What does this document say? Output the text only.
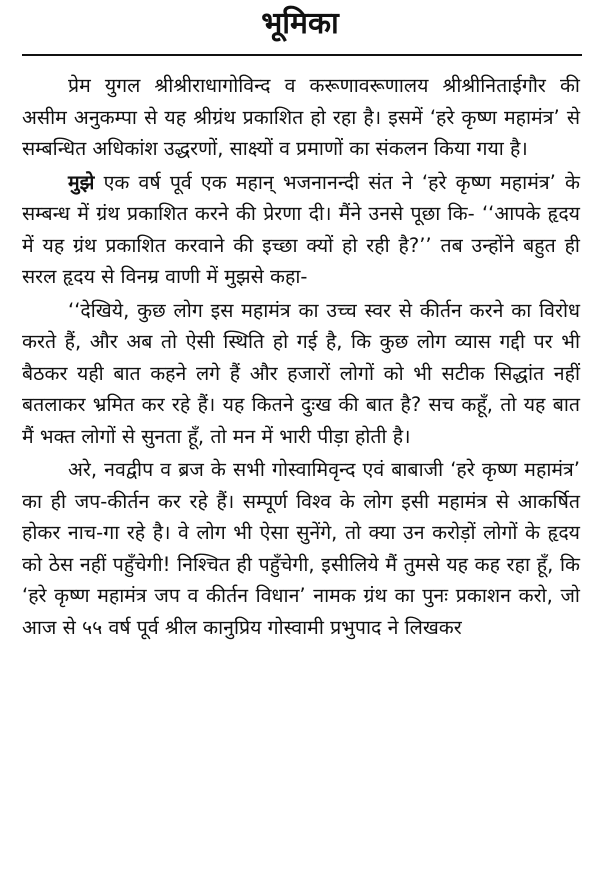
भूमिका

प्रेम युगल श्रीश्रीराधागोविन्द व करूणावरूणालय श्रीश्रीनिताईगौर की असीम अनुकम्पा से यह श्रीग्रंथ प्रकाशित हो रहा है। इसमें ‘हरे कृष्ण महामंत्र’ से सम्बन्धित अधिकांश उद्धरणों, साक्ष्यों व प्रमाणों का संकलन किया गया है।

मुझे एक वर्ष पूर्व एक महान् भजनानन्दी संत ने ‘हरे कृष्ण महामंत्र’ के सम्बन्ध में ग्रंथ प्रकाशित करने की प्रेरणा दी। मैंने उनसे पूछा कि- ‘‘आपके हृदय में यह ग्रंथ प्रकाशित करवाने की इच्छा क्यों हो रही है?’’ तब उन्होंने बहुत ही सरल हृदय से विनम्र वाणी में मुझसे कहा-

‘‘देखिये, कुछ लोग इस महामंत्र का उच्च स्वर से कीर्तन करने का विरोध करते हैं, और अब तो ऐसी स्थिति हो गई है, कि कुछ लोग व्यास गद्दी पर भी बैठकर यही बात कहने लगे हैं और हजारों लोगों को भी सटीक सिद्धांत नहीं बतलाकर भ्रमित कर रहे हैं। यह कितने दुःख की बात है? सच कहूँ, तो यह बात मैं भक्त लोगों से सुनता हूँ, तो मन में भारी पीड़ा होती है।

अरे, नवद्वीप व ब्रज के सभी गोस्वामिवृन्द एवं बाबाजी ‘हरे कृष्ण महामंत्र’ का ही जप-कीर्तन कर रहे हैं। सम्पूर्ण विश्व के लोग इसी महामंत्र से आकर्षित होकर नाच-गा रहे है। वे लोग भी ऐसा सुनेंगे, तो क्या उन करोड़ों लोगों के हृदय को ठेस नहीं पहुँचेगी! निश्चित ही पहुँचेगी, इसीलिये मैं तुमसे यह कह रहा हूँ, कि ‘हरे कृष्ण महामंत्र जप व कीर्तन विधान’ नामक ग्रंथ का पुनः प्रकाशन करो, जो आज से ५५ वर्ष पूर्व श्रील कानुप्रिय गोस्वामी प्रभुपाद ने लिखकर
